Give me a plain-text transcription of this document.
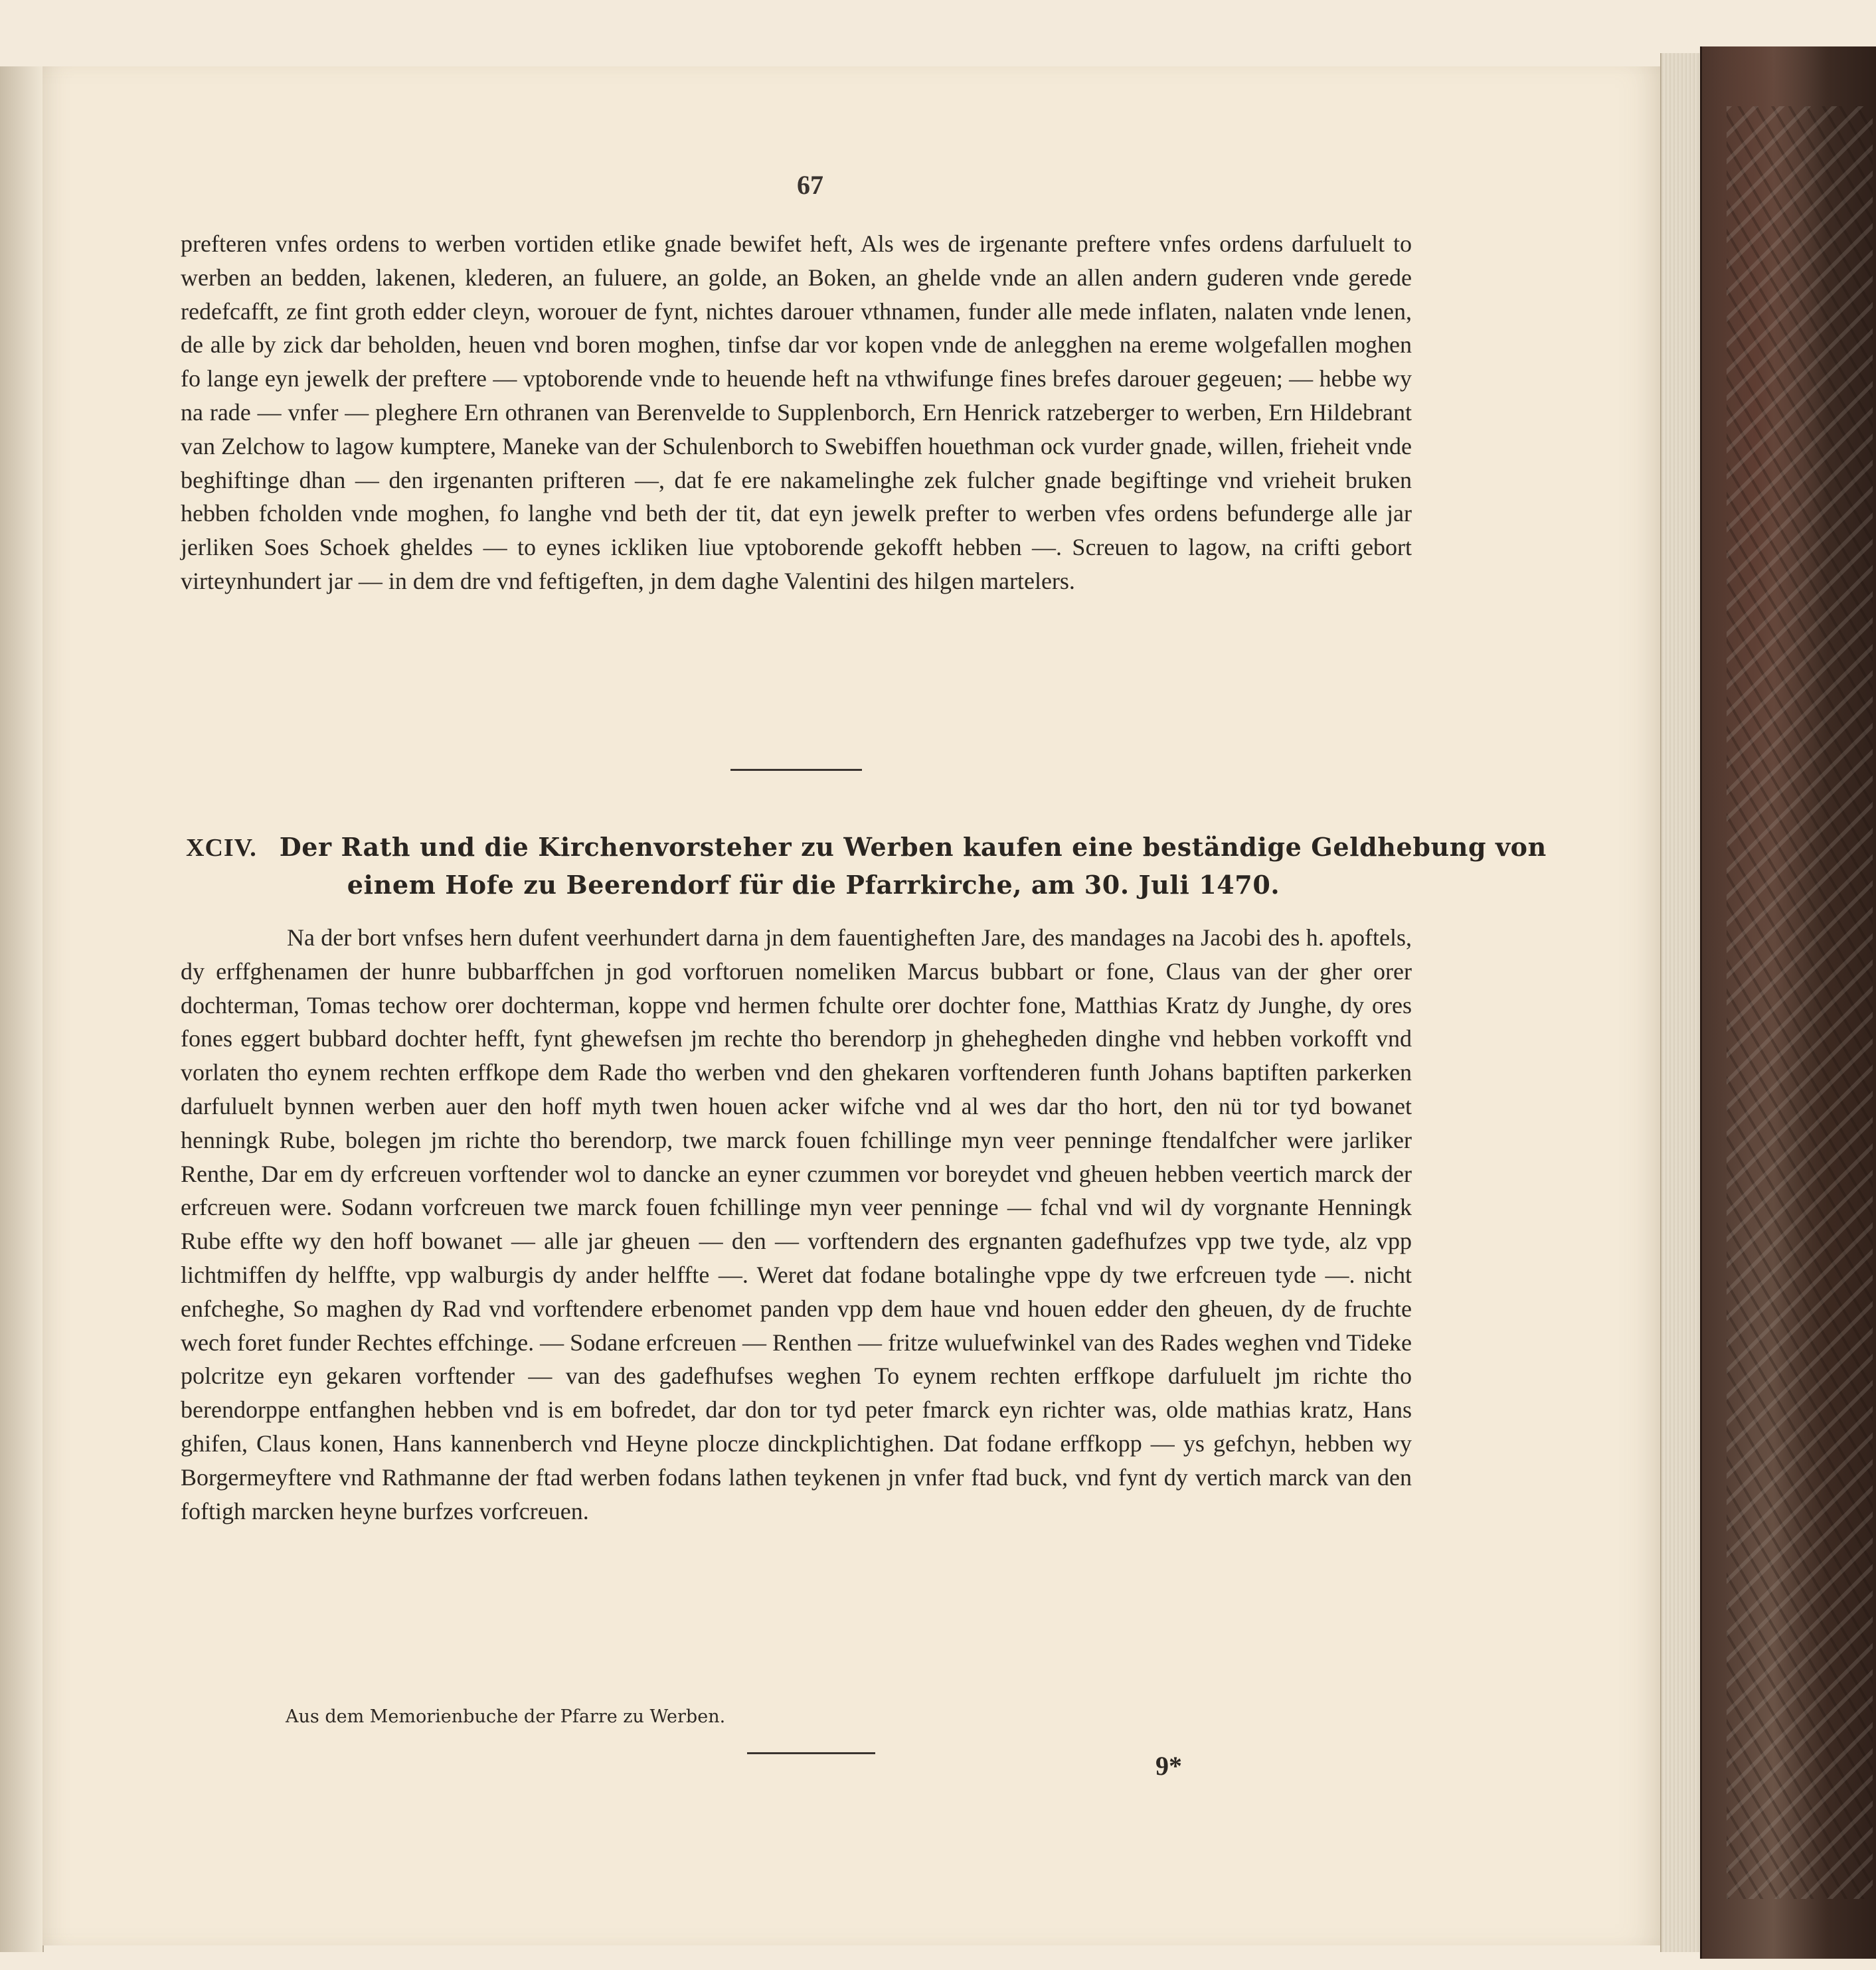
67

prefteren vnfes ordens to werben vortiden etlike gnade bewifet heft, Als wes de irgenante preftere vnfes ordens darfuluelt to werben an bedden, lakenen, klederen, an fuluere, an golde, an Boken, an ghelde vnde an allen andern guderen vnde gerede redefcafft, ze fint groth edder cleyn, worouer de fynt, nichtes darouer vthnamen, funder alle mede inflaten, nalaten vnde lenen, de alle by zick dar beholden, heuen vnd boren moghen, tinfse dar vor kopen vnde de anlegghen na ereme wolgefallen moghen fo lange eyn jewelk der preftere — vptoborende vnde to heuende heft na vthwifunge fines brefes darouer gegeuen; — hebbe wy na rade — vnfer — pleghere Ern othranen van Berenvelde to Supplenborch, Ern Henrick ratzeberger to werben, Ern Hildebrant van Zelchow to lagow kumptere, Maneke van der Schulenborch to Swebiffen houethman ock vurder gnade, willen, frieheit vnde beghiftinge dhan — den irgenanten prifteren —, dat fe ere nakamelinghe zek fulcher gnade begiftinge vnd vrieheit bruken hebben fcholden vnde moghen, fo langhe vnd beth der tit, dat eyn jewelk prefter to werben vfes ordens befunderge alle jar jerliken Soes Schoek gheldes — to eynes ickliken liue vptoborende gekofft hebben —. Screuen to lagow, na crifti gebort virteynhundert jar — in dem dre vnd feftigeften, jn dem daghe Valentini des hilgen martelers.

XCIV. Der Rath und die Kirchenvorsteher zu Werben kaufen eine beständige Geldhebung von
einem Hofe zu Beerendorf für die Pfarrkirche, am 30. Juli 1470.

Na der bort vnfses hern dufent veerhundert darna jn dem fauentigheften Jare, des mandages na Jacobi des h. apoftels, dy erffghenamen der hunre bubbarffchen jn god vorftoruen nomeliken Marcus bubbart or fone, Claus van der gher orer dochterman, Tomas techow orer dochterman, koppe vnd hermen fchulte orer dochter fone, Matthias Kratz dy Junghe, dy ores fones eggert bubbard dochter hefft, fynt ghewefsen jm rechte tho berendorp jn ghehegheden dinghe vnd hebben vorkofft vnd vorlaten tho eynem rechten erffkope dem Rade tho werben vnd den ghekaren vorftenderen funth Johans baptiften parkerken darfuluelt bynnen werben auer den hoff myth twen houen acker wifche vnd al wes dar tho hort, den nü tor tyd bowanet henningk Rube, bolegen jm richte tho berendorp, twe marck fouen fchillinge myn veer penninge ftendalfcher were jarliker Renthe, Dar em dy erfcreuen vorftender wol to dancke an eyner czummen vor boreydet vnd gheuen hebben veertich marck der erfcreuen were. Sodann vorfcreuen twe marck fouen fchillinge myn veer penninge — fchal vnd wil dy vorgnante Henningk Rube effte wy den hoff bowanet — alle jar gheuen — den — vorftendern des ergnanten gadefhufzes vpp twe tyde, alz vpp lichtmiffen dy helffte, vpp walburgis dy ander helffte —. Weret dat fodane botalinghe vppe dy twe erfcreuen tyde —. nicht enfcheghe, So maghen dy Rad vnd vorftendere erbenomet panden vpp dem haue vnd houen edder den gheuen, dy de fruchte wech foret funder Rechtes effchinge. — Sodane erfcreuen — Renthen — fritze wuluefwinkel van des Rades weghen vnd Tideke polcritze eyn gekaren vorftender — van des gadefhufses weghen To eynem rechten erffkope darfuluelt jm richte tho berendorppe entfanghen hebben vnd is em bofredet, dar don tor tyd peter fmarck eyn richter was, olde mathias kratz, Hans ghifen, Claus konen, Hans kannenberch vnd Heyne plocze dinckplichtighen. Dat fodane erffkopp — ys gefchyn, hebben wy Borgermeyftere vnd Rathmanne der ftad werben fodans lathen teykenen jn vnfer ftad buck, vnd fynt dy vertich marck van den foftigh marcken heyne burfzes vorfcreuen.

Aus dem Memorienbuche der Pfarre zu Werben.
9*
